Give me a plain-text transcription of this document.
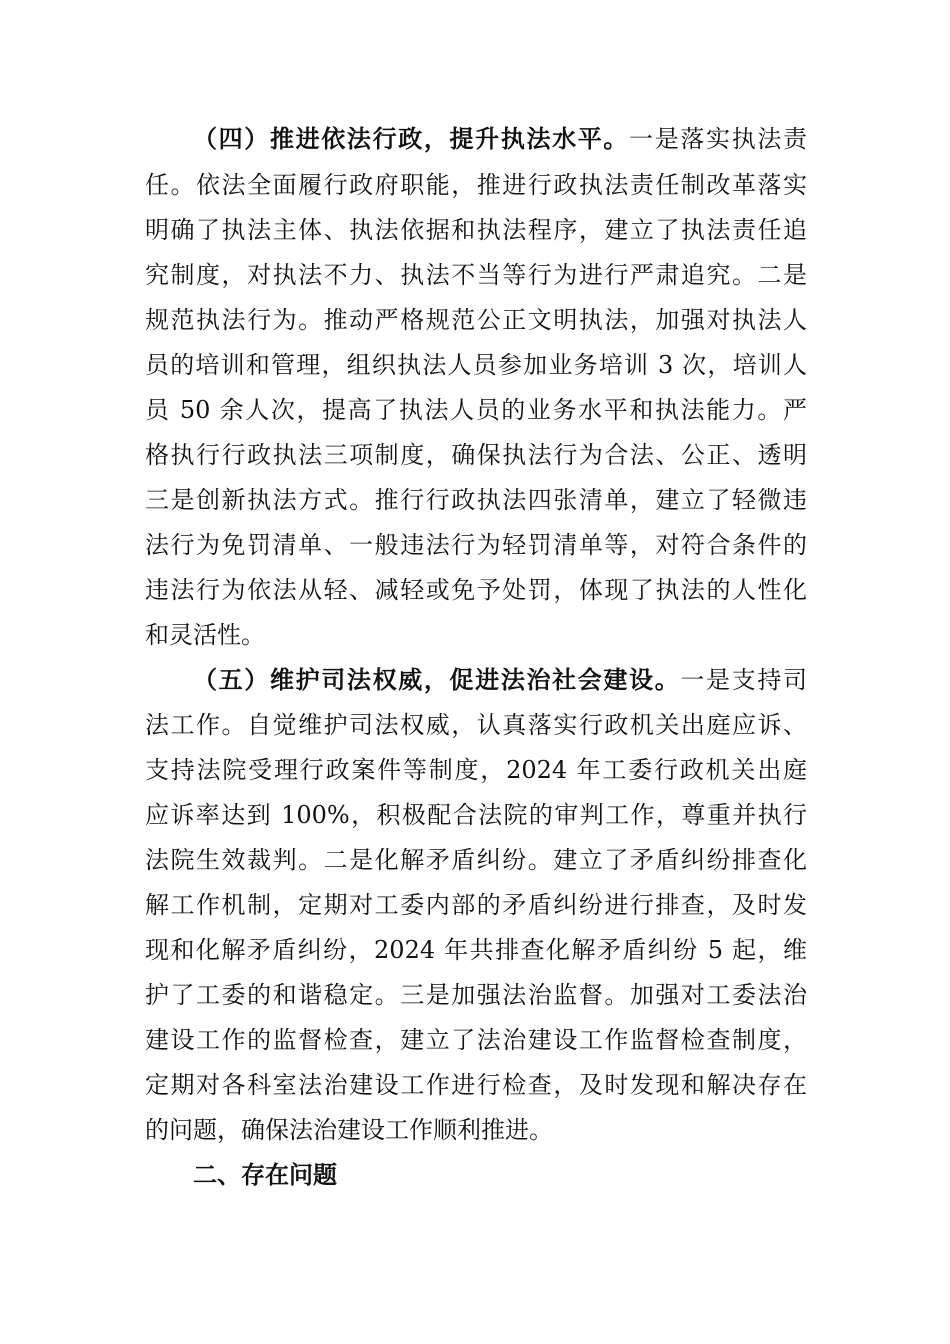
（四）推进依法行政，提升执法水平。一是落实执法责
任。依法全面履行政府职能，推进行政执法责任制改革落实
明确了执法主体、执法依据和执法程序，建立了执法责任追
究制度，对执法不力、执法不当等行为进行严肃追究。二是
规范执法行为。推动严格规范公正文明执法，加强对执法人
员的培训和管理，组织执法人员参加业务培训 3 次，培训人
员 50 余人次，提高了执法人员的业务水平和执法能力。严
格执行行政执法三项制度，确保执法行为合法、公正、透明
三是创新执法方式。推行行政执法四张清单，建立了轻微违
法行为免罚清单、一般违法行为轻罚清单等，对符合条件的
违法行为依法从轻、减轻或免予处罚，体现了执法的人性化
和灵活性。
（五）维护司法权威，促进法治社会建设。一是支持司
法工作。自觉维护司法权威，认真落实行政机关出庭应诉、
支持法院受理行政案件等制度，2024 年工委行政机关出庭
应诉率达到 100%，积极配合法院的审判工作，尊重并执行
法院生效裁判。二是化解矛盾纠纷。建立了矛盾纠纷排查化
解工作机制，定期对工委内部的矛盾纠纷进行排查，及时发
现和化解矛盾纠纷，2024 年共排查化解矛盾纠纷 5 起，维
护了工委的和谐稳定。三是加强法治监督。加强对工委法治
建设工作的监督检查，建立了法治建设工作监督检查制度，
定期对各科室法治建设工作进行检查，及时发现和解决存在
的问题，确保法治建设工作顺利推进。
二、存在问题
